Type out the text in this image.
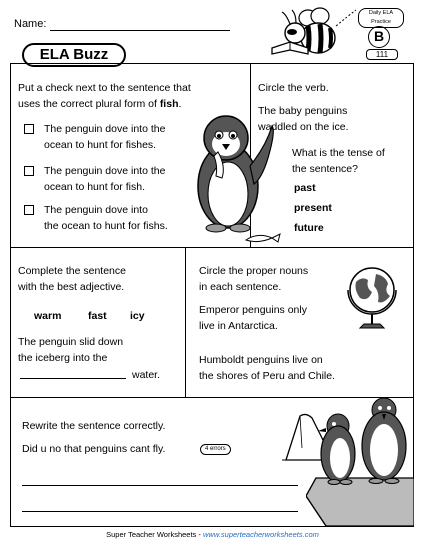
Name:
ELA Buzz
Daily ELA Practice
B
111
Put a check next to the sentence that
uses the correct plural form of fish.
The penguin dove into the
ocean to hunt for fishes.
The penguin dove into the
ocean to hunt for fish.
The penguin dove into
the ocean to hunt for fishs.
Circle the verb.
The baby penguins
waddled on the ice.
What is the tense of
the sentence?
past
present
future
Complete the sentence
with the best adjective.
warm	fast icy
The penguin slid down
the iceberg into the
water.
Circle the proper nouns
in each sentence.
Emperor penguins only
live in Antarctica.
Humboldt penguins live on
the shores of Peru and Chile.
Rewrite the sentence correctly.
Did u no that penguins cant fly.	4 errors
Super Teacher Worksheets - www.superteacherworksheets.com
